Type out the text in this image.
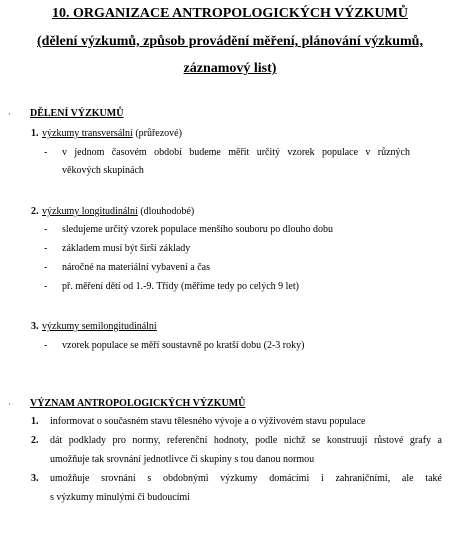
10. ORGANIZACE ANTROPOLOGICKÝCH VÝZKUMŮ
(dělení výzkumů, způsob provádění měření, plánování výzkumů,
záznamový list)
· DĚLENÍ VÝZKUMŮ
1. výzkumy transversální (průřezové)
- v jednom časovém období budeme měřit určitý vzorek populace v různých
věkových skupinách
2. výzkumy longitudinální (dlouhodobé)
- sledujeme určitý vzorek populace menšího souboru po dlouho dobu
- základem musí být širší základy
- náročné na materiální vybavení a čas
- př. měření dětí od 1.-9. Třídy (měříme tedy po celých 9 let)
3. výzkumy semilongitudinální
- vzorek populace se měří soustavně po kratší dobu (2-3 roky)
· VÝZNAM ANTROPOLOGICKÝCH VÝZKUMŮ
1. informovat o současném stavu tělesného vývoje a o výživovém stavu populace
2. dát podklady pro normy, referenční hodnoty, podle nichž se konstruují růstové grafy a
umožňuje tak srovnání jednotlivce či skupiny s tou danou normou
3. umožňuje srovnání s obdobnými výzkumy domácími i zahraničními, ale také
s výzkumy minulými či budoucími
